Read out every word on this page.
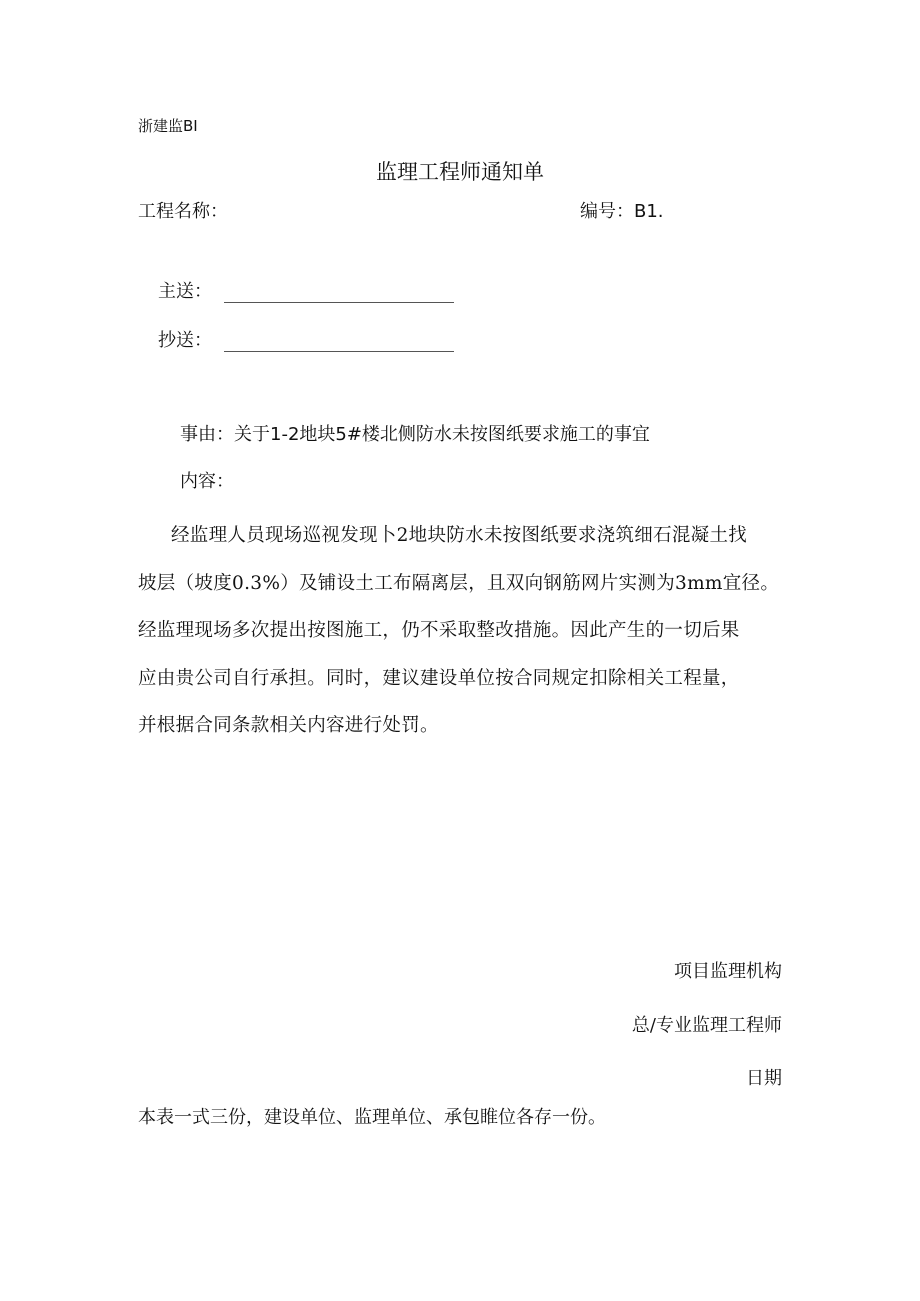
浙建监BI
监理工程师通知单
工程名称：	编号：B1.
主送：
抄送：
事由：关于1-2地块5#楼北侧防水未按图纸要求施工的事宜
内容：

经监理人员现场巡视发现卜2地块防水未按图纸要求浇筑细石混凝土找

坡层（坡度0.3%）及铺设土工布隔离层，且双向钢筋网片实测为3mm宜径。

经监理现场多次提出按图施工，仍不采取整改措施。因此产生的一切后果

应由贵公司自行承担。同时，建议建设单位按合同规定扣除相关工程量，

并根据合同条款相关内容进行处罚。

项目监理机构
总/专业监理工程师
日期
本表一式三份，建设单位、监理单位、承包睢位各存一份。
